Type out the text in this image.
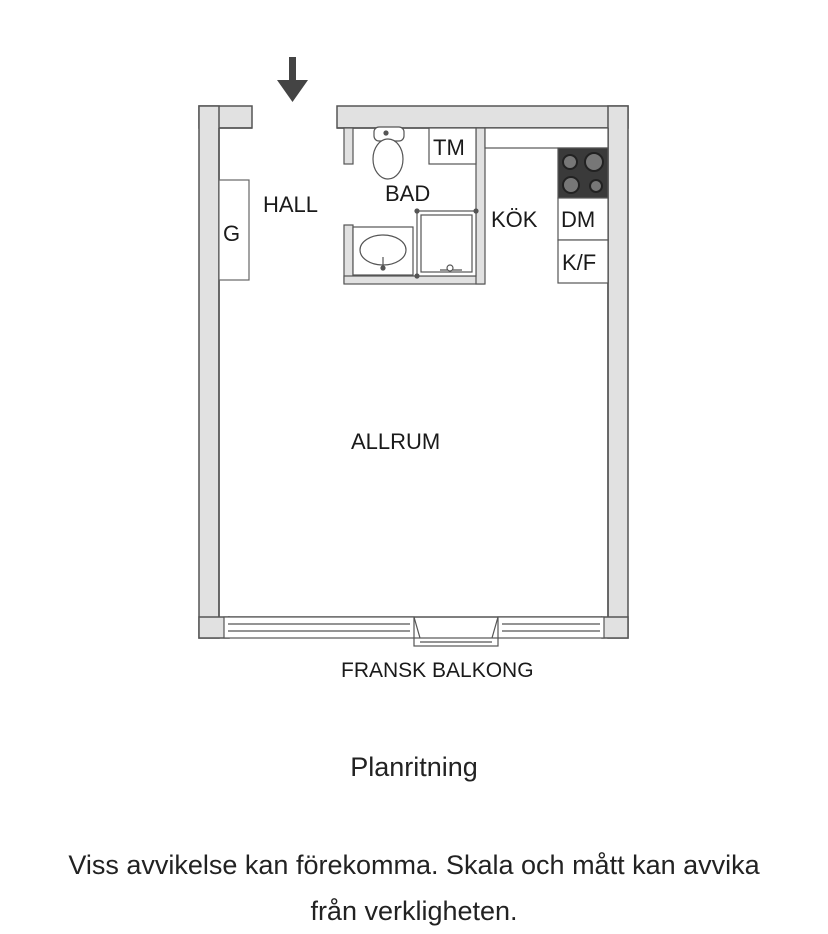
HALL	BAD
KÖK
ALLRUM
G
TM
DM
K/F
FRANSK BALKONG
Planritning
Viss avvikelse kan förekomma. Skala och mått kan avvika från verkligheten.
